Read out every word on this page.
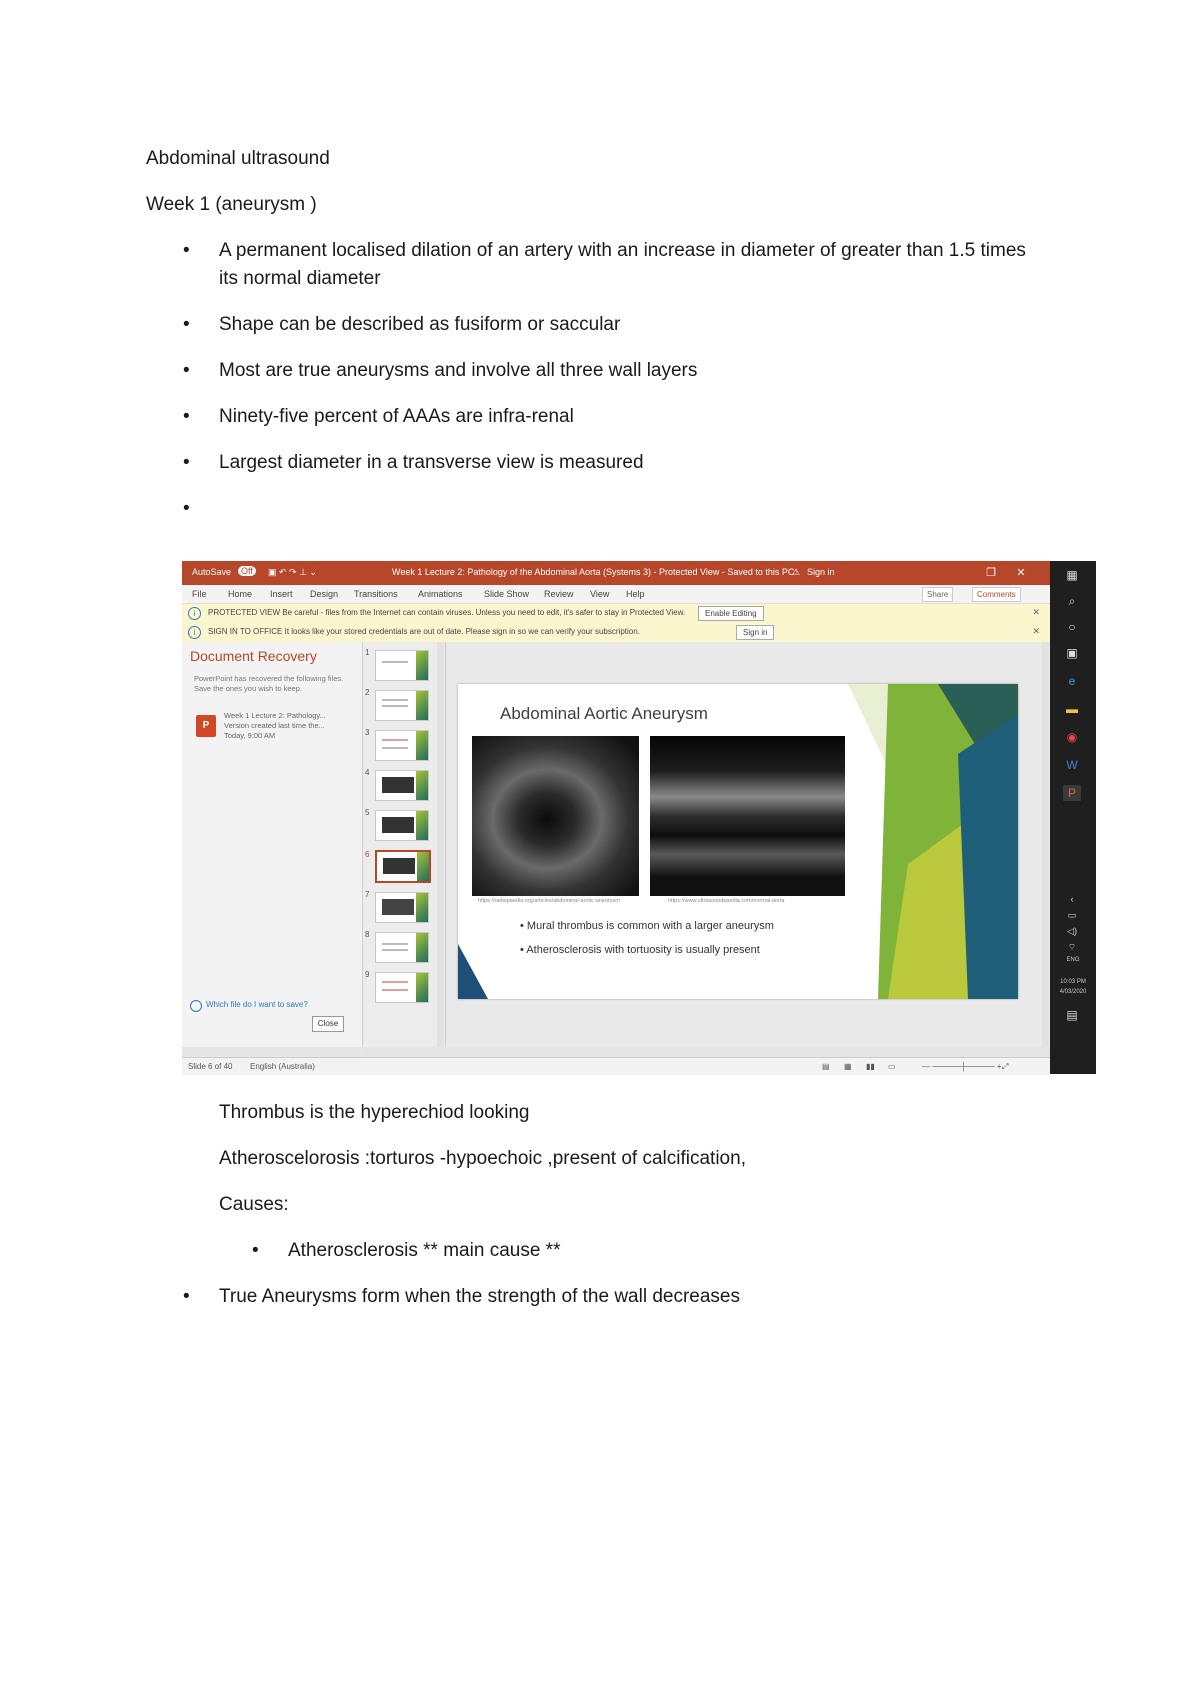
Abdominal ultrasound
Week 1 (aneurysm )
•	A permanent localised dilation of an artery with an increase in diameter of greater than 1.5 times its normal diameter
•	Shape can be described as fusiform or saccular
•	Most are true aneurysms and involve all three wall layers
•	Ninety-five percent of AAAs are infra-renal
•	Largest diameter in a transverse view is measured
•
AutoSave	Off	▣ ↶ ↷ ⊥ ⌄	Week 1 Lecture 2: Pathology of the Abdominal Aorta (Systems 3) - Protected View - Saved to this PC
⚠ Sign in	❐	✕
File Home Insert Design Transitions Animations Slide Show Review View Help	Share	Comments
i	PROTECTED VIEW Be careful - files from the Internet can contain viruses. Unless you need to edit, it's safer to stay in Protected View.	Enable Editing	✕
i	SIGN IN TO OFFICE It looks like your stored credentials are out of date. Please sign in so we can verify your subscription.	Sign in	✕
Document Recovery
PowerPoint has recovered the following files. Save the ones you wish to keep.
P
Week 1 Lecture 2: Pathology... Version created last time the... Today, 9:00 AM
Which file do I want to save?
Close
1
2
3
4
5
6
7
8
9
Abdominal Aortic Aneurysm
https://radiopaedia.org/articles/abdominal-aortic-aneurysm	https://www.ultrasoundpaedia.com/normal-aorta
• Mural thrombus is common with a larger aneurysm
• Atherosclerosis with tortuosity is usually present
Slide 6 of 40 English (Australia)	▤ ▦ ▮▮ ▭	— ─────┼───── + ⤢
▦
⌕
○
▣
e
▬
◉
W
P
‹
▭
◁)
⌔
ENG
10:03 PM
4/03/2020
▤
Thrombus is the hyperechiod looking
Atheroscelorosis :torturos -hypoechoic ,present of calcification,
Causes:
• Atherosclerosis ** main cause **
•	True Aneurysms form when the strength of the wall decreases
